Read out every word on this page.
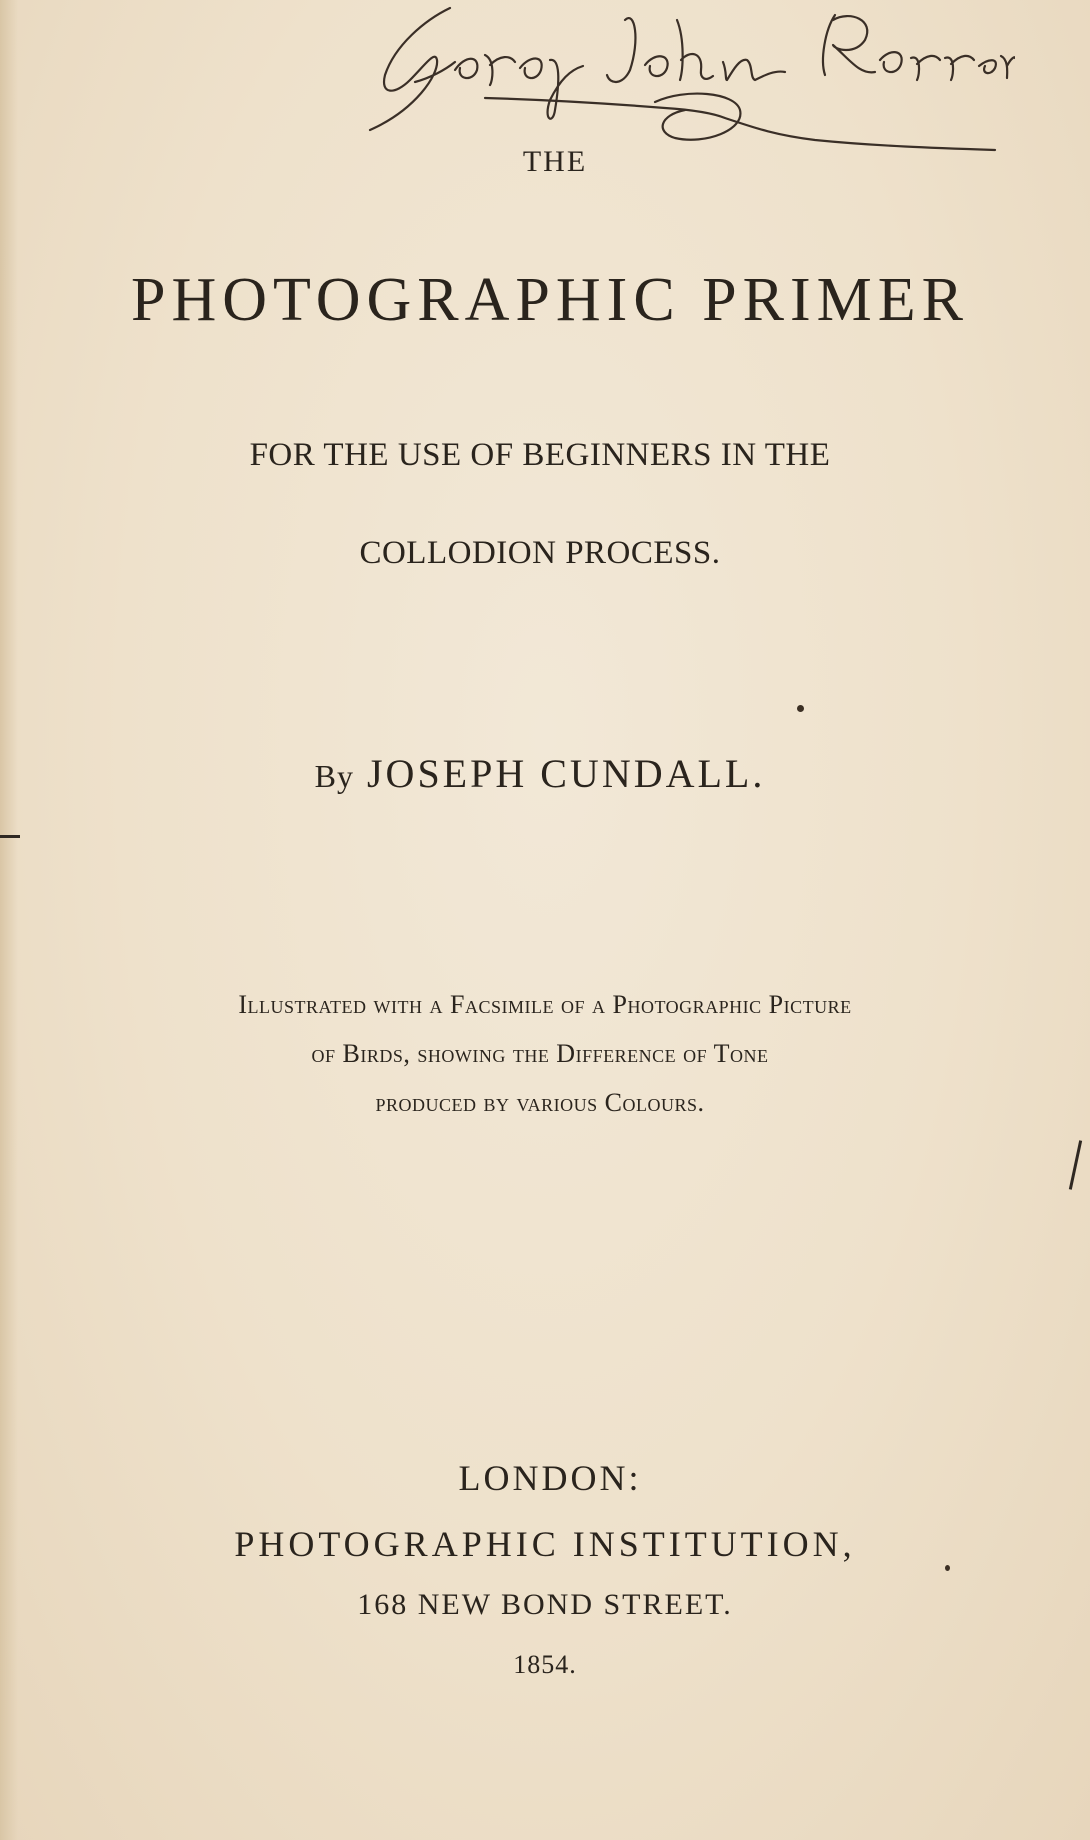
THE
PHOTOGRAPHIC PRIMER
FOR THE USE OF BEGINNERS IN THE
COLLODION PROCESS.
By JOSEPH CUNDALL.
Illustrated with a Facsimile of a Photographic Picture
of Birds, showing the Difference of Tone
produced by various Colours.
LONDON:
PHOTOGRAPHIC INSTITUTION,
168 NEW BOND STREET.
1854.
